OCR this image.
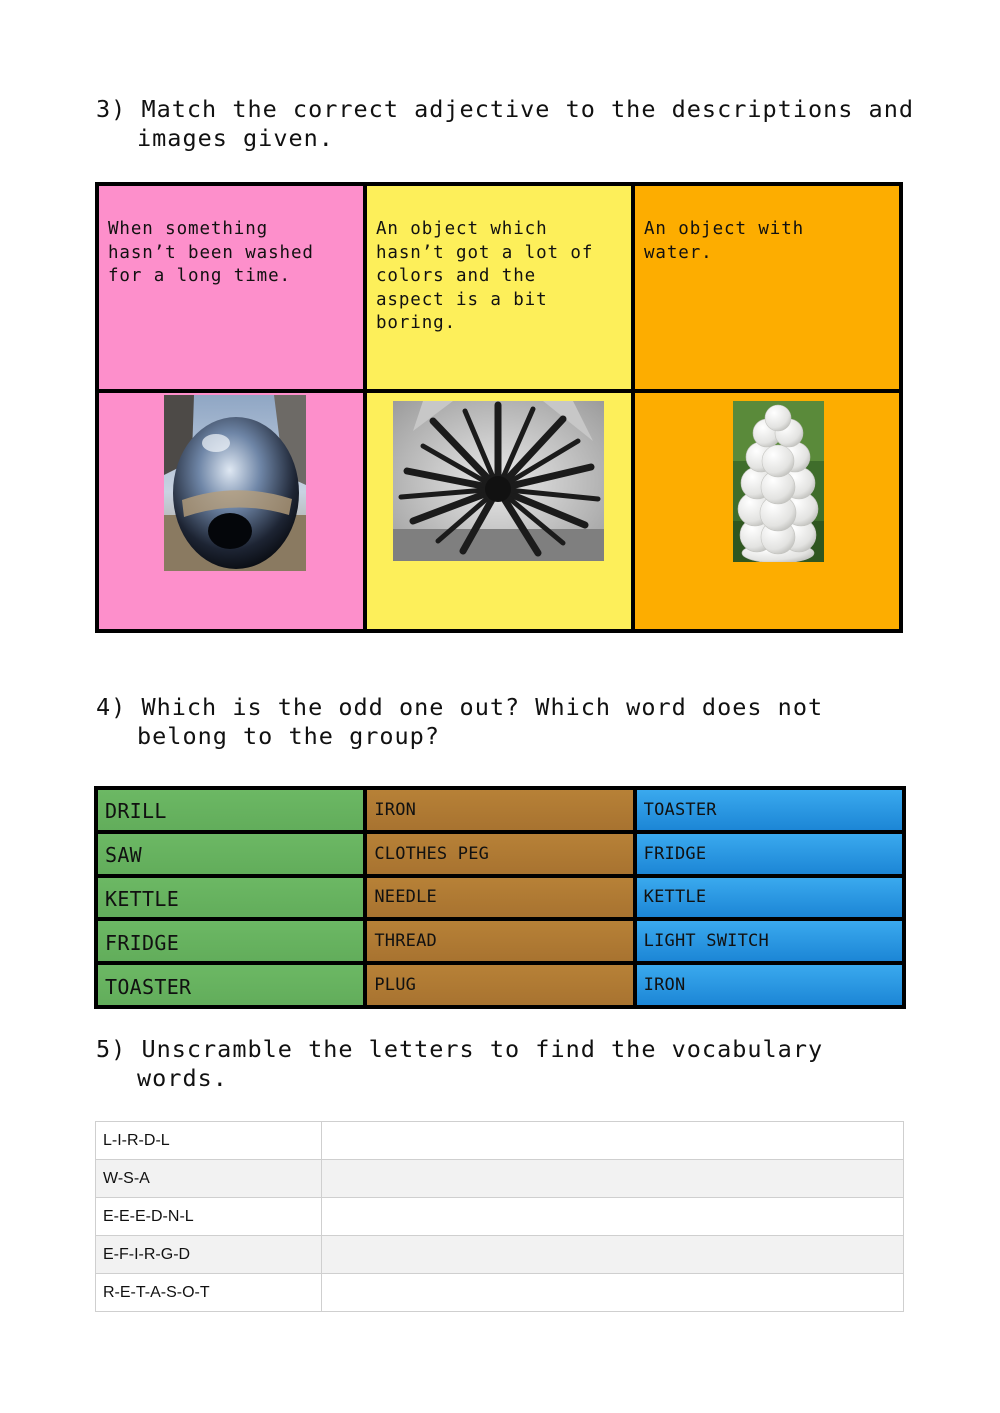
3) Match the correct adjective to the descriptions and images given.
When something hasn’t been washed for a long time.
An object which hasn’t got a lot of colors and the aspect is a bit boring.
An object with water.
4) Which is the odd one out? Which word does not belong to the group?
DRILL	IRON	TOASTER
SAW	CLOTHES PEG	FRIDGE
KETTLE	NEEDLE	KETTLE
FRIDGE	THREAD	LIGHT SWITCH
TOASTER	PLUG	IRON
5) Unscramble the letters to find the vocabulary words.
L-I-R-D-L	
W-S-A	
E-E-E-D-N-L	
E-F-I-R-G-D	
R-E-T-A-S-O-T	
